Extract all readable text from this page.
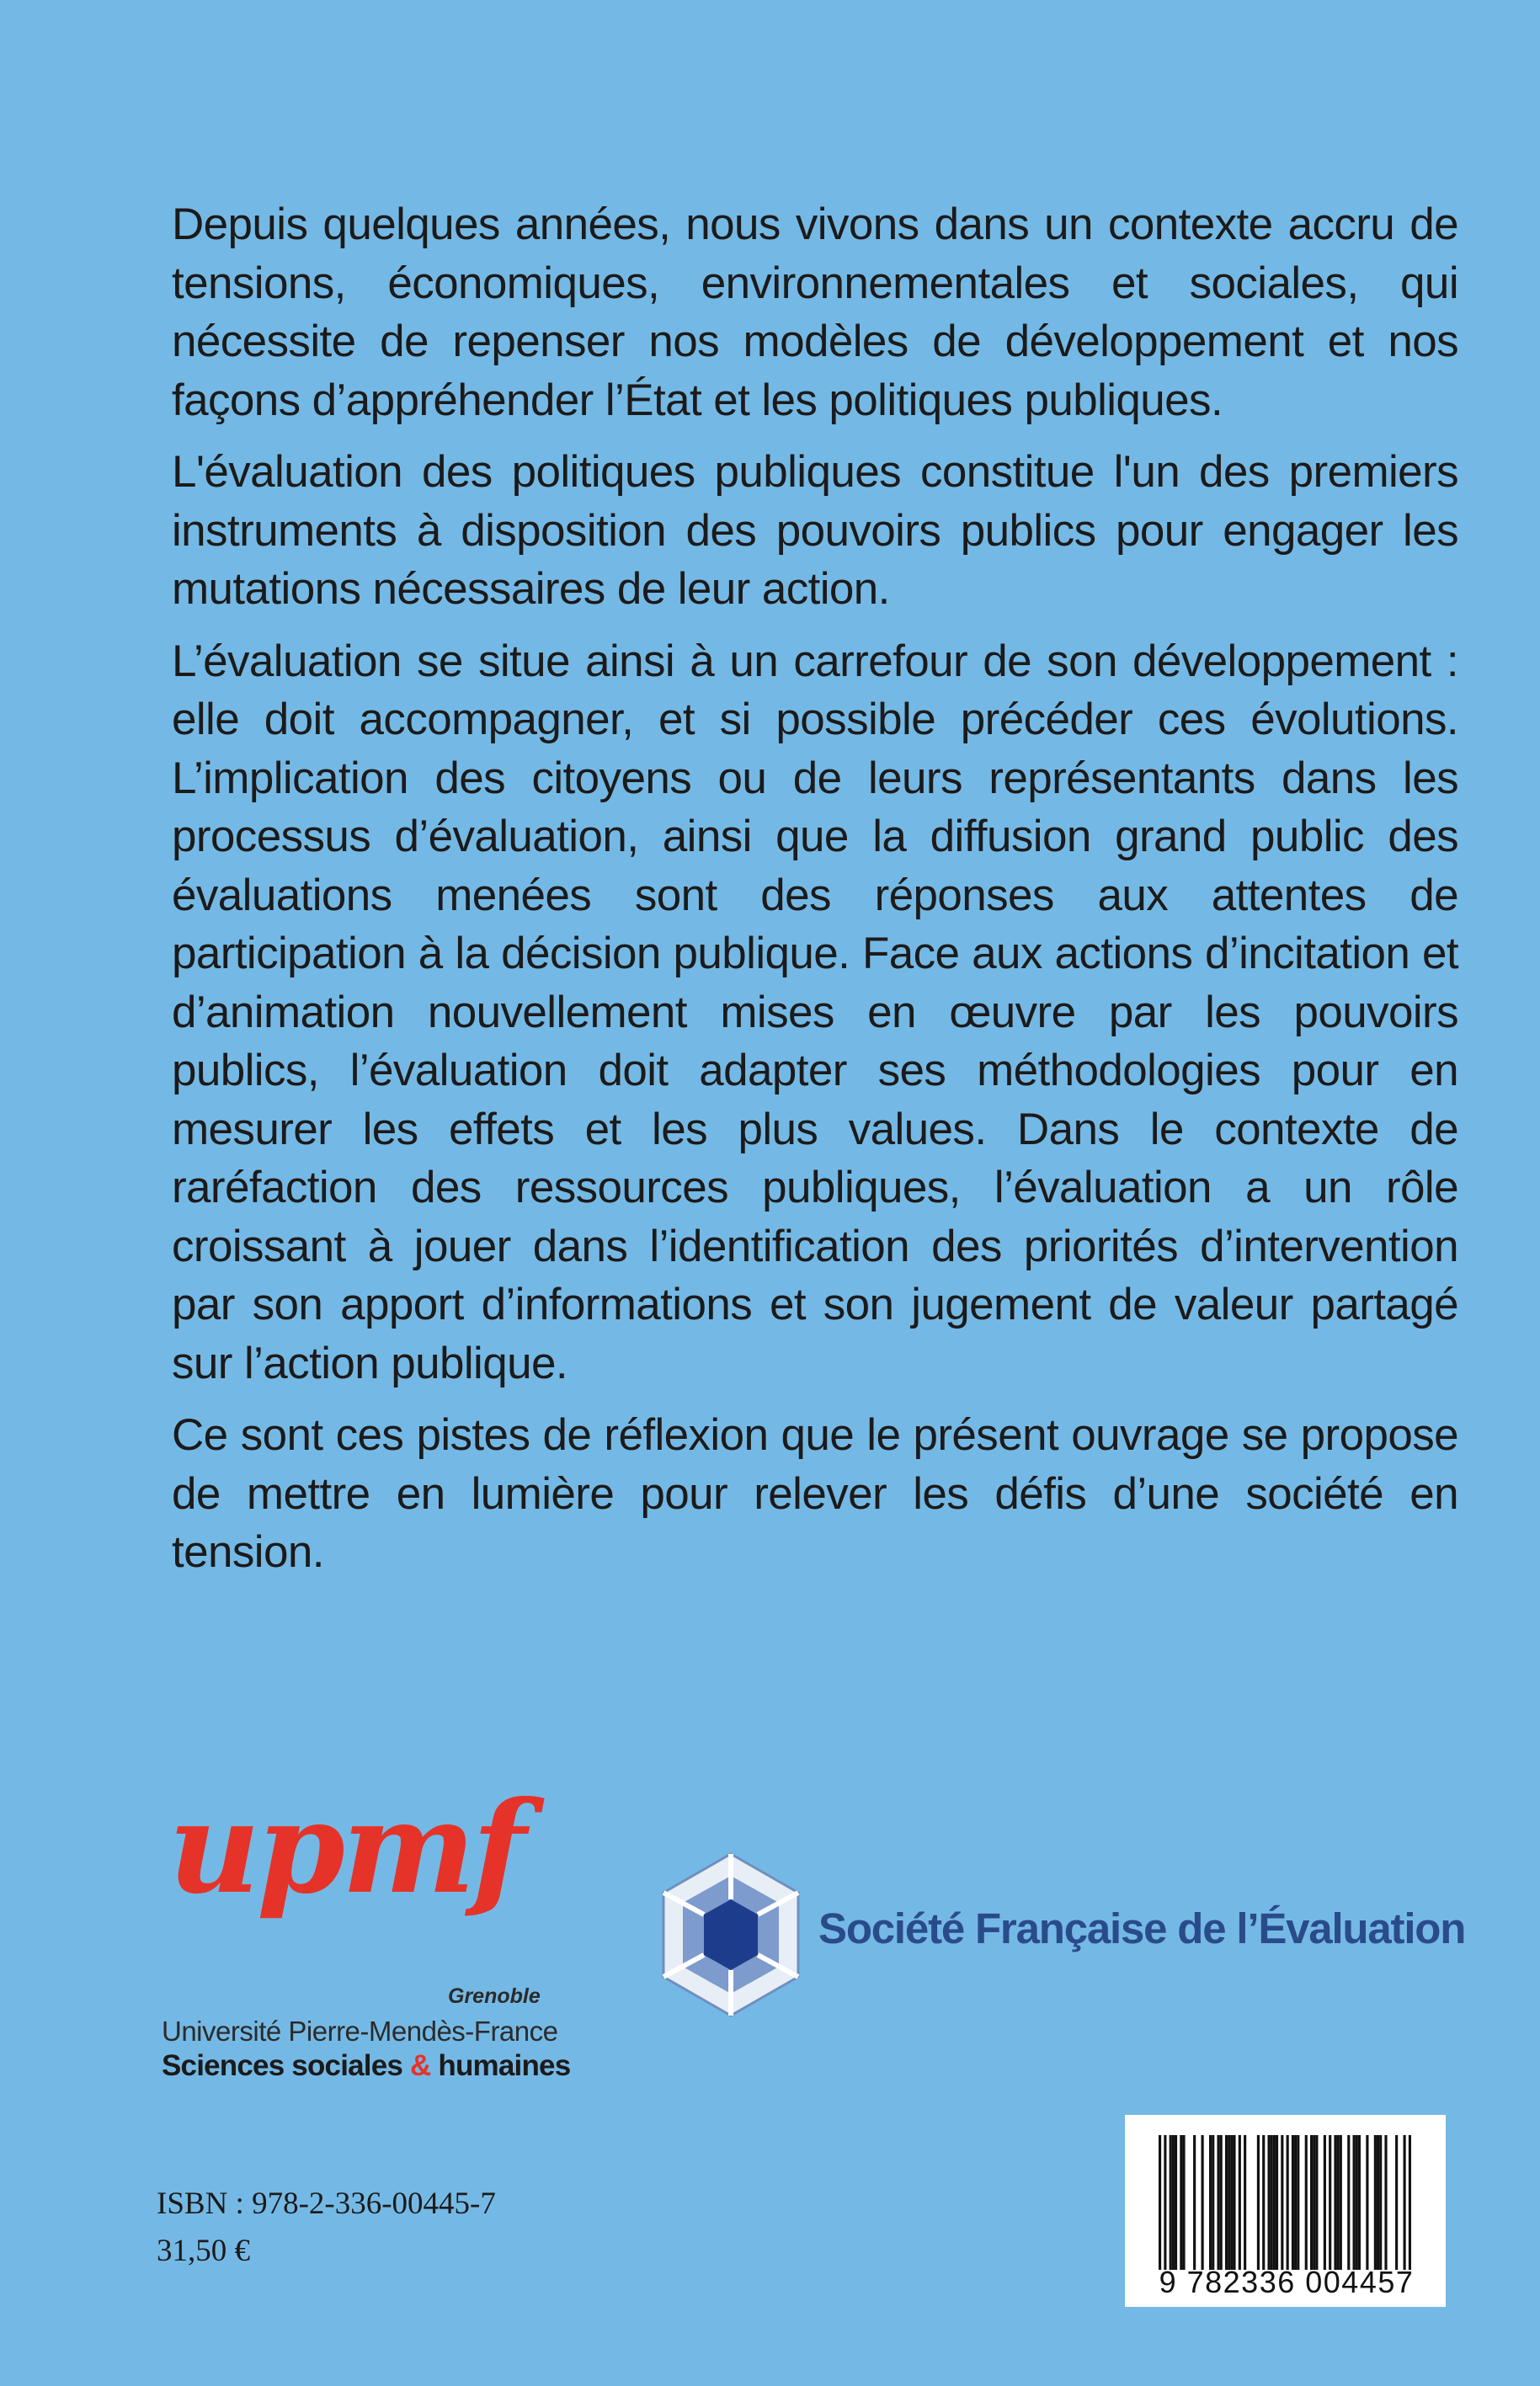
Depuis quelques années, nous vivons dans un contexte accru de tensions, économiques, environnementales et sociales, qui nécessite de repenser nos modèles de développement et nos façons d’appréhender l’État et les politiques publiques.

L'évaluation des politiques publiques constitue l'un des premiers instruments à disposition des pouvoirs publics pour engager les mutations nécessaires de leur action.

L’évaluation se situe ainsi à un carrefour de son développement : elle doit accompagner, et si possible précéder ces évolutions. L’implication des citoyens ou de leurs représentants dans les processus d’évaluation, ainsi que la diffusion grand public des évaluations menées sont des réponses aux attentes de participation à la décision publique. Face aux actions d’incitation et d’animation nouvellement mises en œuvre par les pouvoirs publics, l’évaluation doit adapter ses méthodologies pour en mesurer les effets et les plus values. Dans le contexte de raréfaction des ressources publiques, l’évaluation a un rôle croissant à jouer dans l’identification des priorités d’intervention par son apport d’informations et son jugement de valeur partagé sur l’action publique.

Ce sont ces pistes de réflexion que le présent ouvrage se propose de mettre en lumière pour relever les défis d’une société en tension.

upmf
Grenoble
Université Pierre-Mendès-France
Sciences sociales & humaines
Société Française de l’Évaluation
ISBN : 978-2-336-00445-7
31,50 €
9 782336 004457
